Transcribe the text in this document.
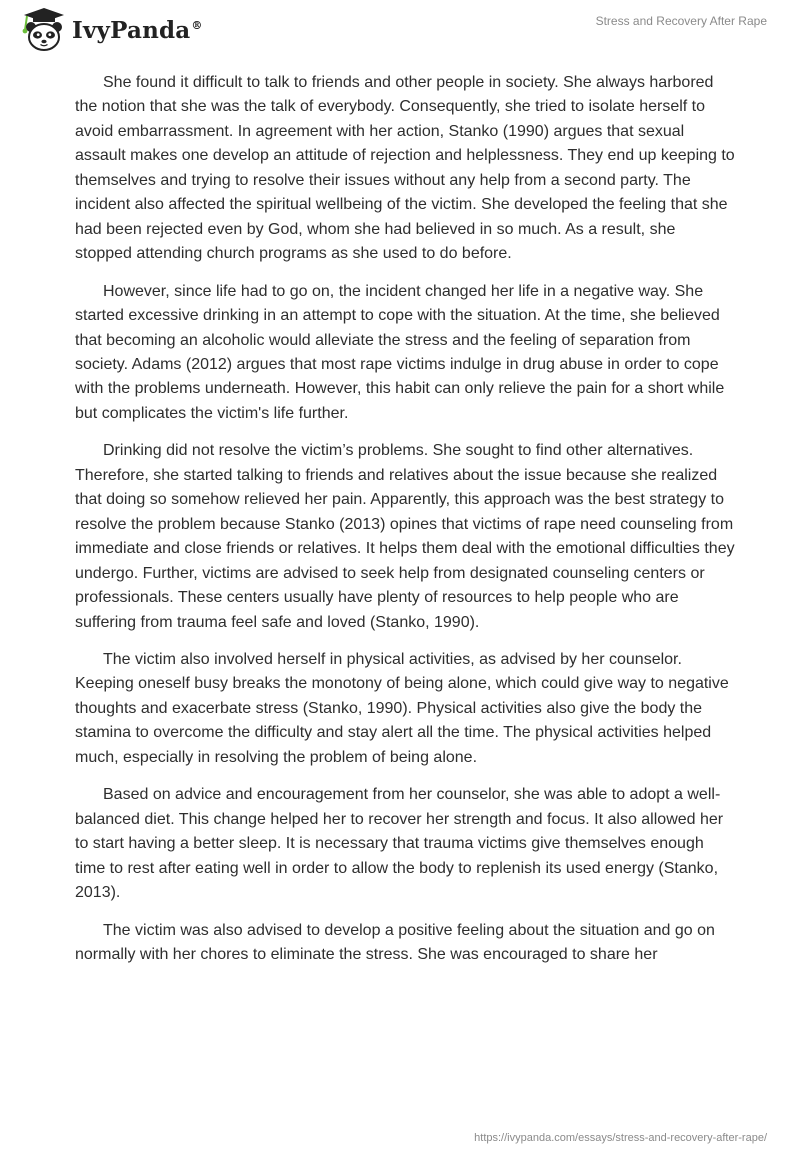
IvyPanda®	Stress and Recovery After Rape

She found it difficult to talk to friends and other people in society. She always harbored the notion that she was the talk of everybody. Consequently, she tried to isolate herself to avoid embarrassment. In agreement with her action, Stanko (1990) argues that sexual assault makes one develop an attitude of rejection and helplessness. They end up keeping to themselves and trying to resolve their issues without any help from a second party. The incident also affected the spiritual wellbeing of the victim. She developed the feeling that she had been rejected even by God, whom she had believed in so much. As a result, she stopped attending church programs as she used to do before.

However, since life had to go on, the incident changed her life in a negative way. She started excessive drinking in an attempt to cope with the situation. At the time, she believed that becoming an alcoholic would alleviate the stress and the feeling of separation from society. Adams (2012) argues that most rape victims indulge in drug abuse in order to cope with the problems underneath. However, this habit can only relieve the pain for a short while but complicates the victim's life further.

Drinking did not resolve the victim’s problems. She sought to find other alternatives. Therefore, she started talking to friends and relatives about the issue because she realized that doing so somehow relieved her pain. Apparently, this approach was the best strategy to resolve the problem because Stanko (2013) opines that victims of rape need counseling from immediate and close friends or relatives. It helps them deal with the emotional difficulties they undergo. Further, victims are advised to seek help from designated counseling centers or professionals. These centers usually have plenty of resources to help people who are suffering from trauma feel safe and loved (Stanko, 1990).

The victim also involved herself in physical activities, as advised by her counselor. Keeping oneself busy breaks the monotony of being alone, which could give way to negative thoughts and exacerbate stress (Stanko, 1990). Physical activities also give the body the stamina to overcome the difficulty and stay alert all the time. The physical activities helped much, especially in resolving the problem of being alone.

Based on advice and encouragement from her counselor, she was able to adopt a well-balanced diet. This change helped her to recover her strength and focus. It also allowed her to start having a better sleep. It is necessary that trauma victims give themselves enough time to rest after eating well in order to allow the body to replenish its used energy (Stanko, 2013).

The victim was also advised to develop a positive feeling about the situation and go on normally with her chores to eliminate the stress. She was encouraged to share her

https://ivypanda.com/essays/stress-and-recovery-after-rape/
